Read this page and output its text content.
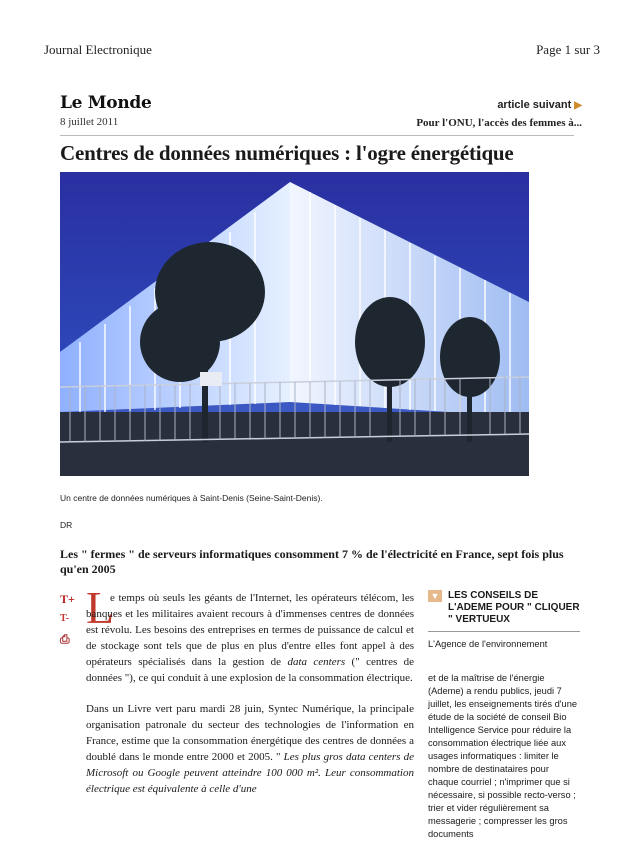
Journal Electronique	Page 1 sur 3
Le Monde
8 juillet 2011
article suivant ▶
Pour l'ONU, l'accès des femmes à...
Centres de données numériques : l'ogre énergétique
Un centre de données numériques à Saint-Denis (Seine-Saint-Denis).
DR
Les " fermes " de serveurs informatiques consomment 7 % de l'électricité en France, sept fois plus qu'en 2005
T+
T-
⎙
L

e temps où seuls les géants de l'Internet, les opérateurs télécom, les banques et les militaires avaient recours à d'immenses centres de données est révolu. Les besoins des entreprises en termes de puissance de calcul et de stockage sont tels que de plus en plus d'entre elles font appel à des opérateurs spécialisés dans la gestion de data centers (" centres de données "), ce qui conduit à une explosion de la consommation électrique.

Dans un Livre vert paru mardi 28 juin, Syntec Numérique, la principale organisation patronale du secteur des technologies de l'information en France, estime que la consommation énergétique des centres de données a doublé dans le monde entre 2000 et 2005. " Les plus gros data centers de Microsoft ou Google peuvent atteindre 100 000 m². Leur consommation électrique est équivalente à celle d'une

▼ LES CONSEILS DE L'ADEME POUR " CLIQUER " VERTUEUX
L'Agence de l'environnement
et de la maîtrise de l'énergie (Ademe) a rendu publics, jeudi 7 juillet, les enseignements tirés d'une étude de la société de conseil Bio Intelligence Service pour réduire la consommation électrique liée aux usages informatiques : limiter le nombre de destinataires pour chaque courriel ; n'imprimer que si nécessaire, si possible recto-verso ; trier et vider régulièrement sa messagerie ; compresser les gros documents
